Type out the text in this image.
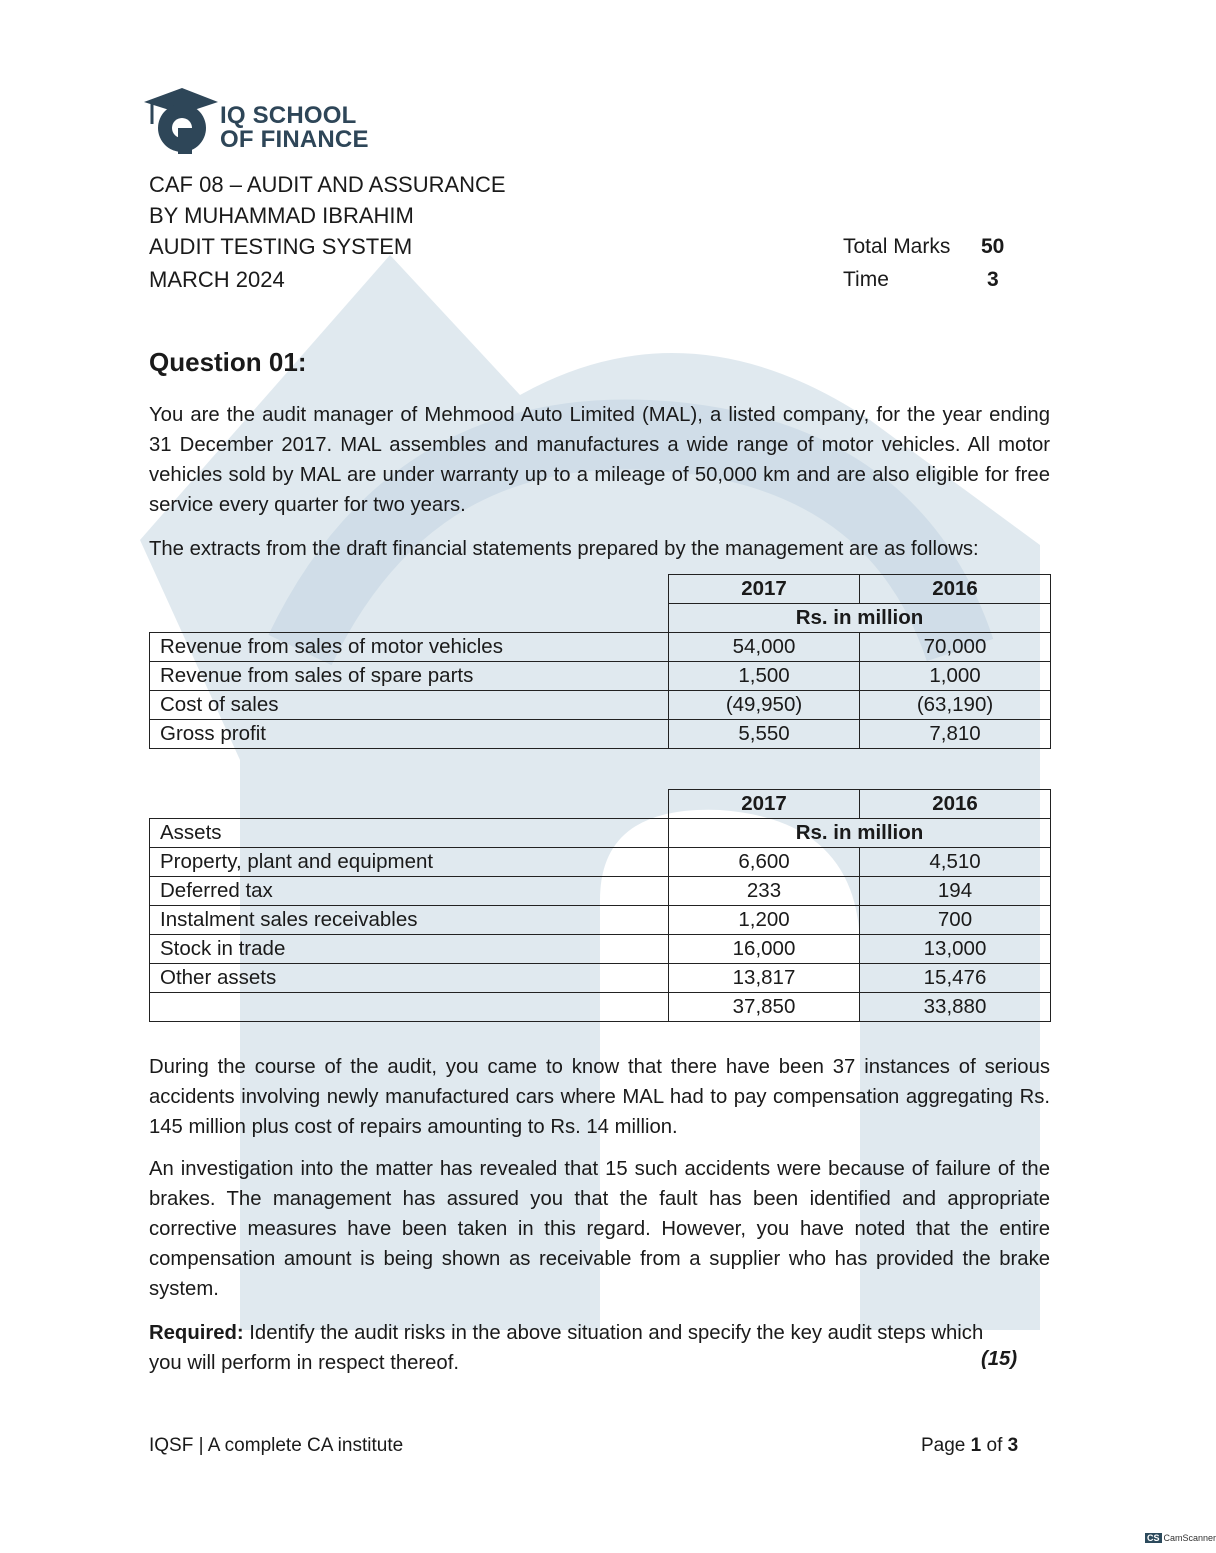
IQ SCHOOL
OF FINANCE
CAF 08 – AUDIT AND ASSURANCE
BY MUHAMMAD IBRAHIM
AUDIT TESTING SYSTEM
MARCH 2024
Total Marks 50
Time	3
Question 01:

You are the audit manager of Mehmood Auto Limited (MAL), a listed company, for the year ending 31 December 2017. MAL assembles and manufactures a wide range of motor vehicles. All motor vehicles sold by MAL are under warranty up to a mileage of 50,000 km and are also eligible for free service every quarter for two years.

The extracts from the draft financial statements prepared by the management are as follows:

	2017	2016
	Rs. in million	
Revenue from sales of motor vehicles	54,000	70,000
Revenue from sales of spare parts	1,500	1,000
Cost of sales	(49,950)	(63,190)
Gross profit	5,550	7,810
	2017	2016
Assets	Rs. in million	
Property, plant and equipment	6,600	4,510
Deferred tax	233	194
Instalment sales receivables	1,200	700
Stock in trade	16,000	13,000
Other assets	13,817	15,476
	37,850	33,880

During the course of the audit, you came to know that there have been 37 instances of serious accidents involving newly manufactured cars where MAL had to pay compensation aggregating Rs. 145 million plus cost of repairs amounting to Rs. 14 million.

An investigation into the matter has revealed that 15 such accidents were because of failure of the brakes. The management has assured you that the fault has been identified and appropriate corrective measures have been taken in this regard. However, you have noted that the entire compensation amount is being shown as receivable from a supplier who has provided the brake system.

Required: Identify the audit risks in the above situation and specify the key audit steps which you will perform in respect thereof.	(15)
IQSF | A complete CA institute	Page 1 of 3
CS CamScanner
